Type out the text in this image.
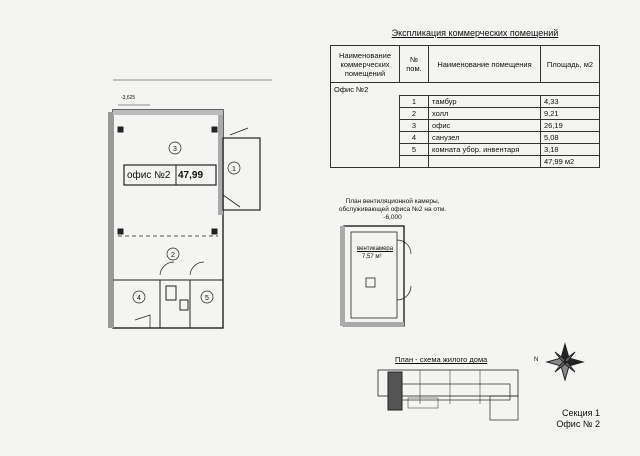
Экспликация коммерческих помещений
Наименование коммерческих помещений	№ пом.	Наименование помещения	Площадь, м2
Офис №2			
	1	тамбур	4,33
	2	холл	9,21
	3	офис	26,19
	4	санузел	5,08
	5	комната убор. инвентаря	3,18
			47,99 м2
3
1
2
4	5
-3,625
офис №2 47,99
План вентиляционной камеры, обслуживающей офиса №2 на отм. -6,000
вентикамера
7,57 м²
План - схема жилого дома	N
Секция 1
Офис № 2
